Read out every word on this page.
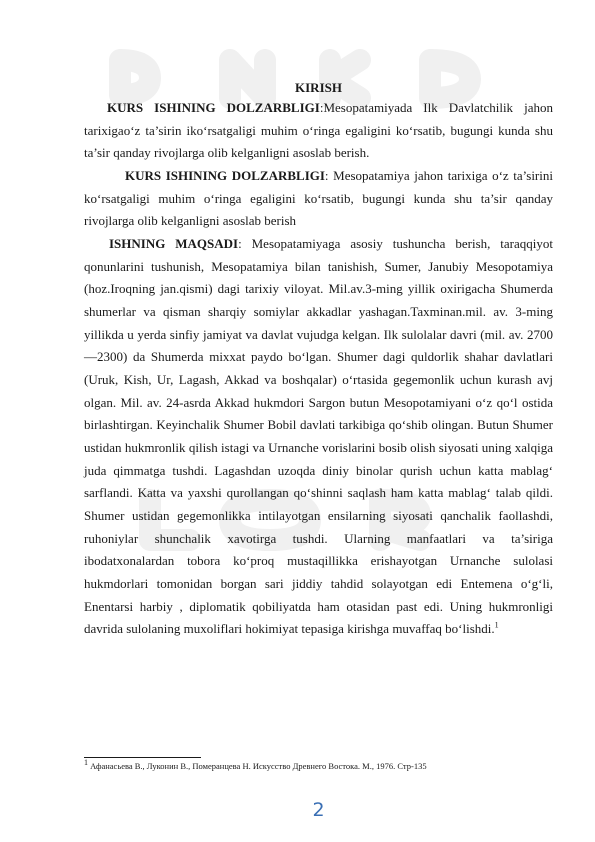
KIRISH

KURS ISHINING DOLZARBLIGI:Mesopatamiyada Ilk Davlatchilik jahon tarixigao‘z ta’sirin iko‘rsatgaligi muhim o‘ringa egaligini ko‘rsatib, bugungi kunda shu ta’sir qanday rivojlarga olib kelganligni asoslab berish.

KURS ISHINING DOLZARBLIGI: Mesopatamiya jahon tarixiga o‘z ta’sirini ko‘rsatgaligi muhim o‘ringa egaligini ko‘rsatib, bugungi kunda shu ta’sir qanday rivojlarga olib kelganligni asoslab berish

ISHNING MAQSADI: Mesopatamiyaga asosiy tushuncha berish, taraqqiyot qonunlarini tushunish, Mesopatamiya bilan tanishish, Sumer, Janubiy Mesopotamiya (hoz.Iroqning jan.qismi) dagi tarixiy viloyat. Mil.av.3-ming yillik oxirigacha Shumerda shumerlar va qisman sharqiy somiylar akkadlar yashagan.Taxminan.mil. av. 3-ming yillikda u yerda sinfiy jamiyat va davlat vujudga kelgan. Ilk sulolalar davri (mil. av. 2700—2300) da Shumerda mixxat paydo bo‘lgan. Shumer dagi quldorlik shahar davlatlari (Uruk, Kish, Ur, Lagash, Akkad va boshqalar) o‘rtasida gegemonlik uchun kurash avj olgan. Mil. av. 24-asrda Akkad hukmdori Sargon butun Mesopotamiyani o‘z qo‘l ostida birlashtirgan. Keyinchalik Shumer Bobil davlati tarkibiga qo‘shib olingan. Butun Shumer ustidan hukmronlik qilish istagi va Urnanche vorislarini bosib olish siyosati uning xalqiga juda qimmatga tushdi. Lagashdan uzoqda diniy binolar qurish uchun katta mablag‘ sarflandi. Katta va yaxshi qurollangan qo‘shinni saqlash ham katta mablag‘ talab qildi. Shumer ustidan gegemonlikka intilayotgan ensilarning siyosati qanchalik faollashdi, ruhoniylar shunchalik xavotirga tushdi. Ularning manfaatlari va ta’siriga ibodatxonalardan tobora ko‘proq mustaqillikka erishayotgan Urnanche sulolasi hukmdorlari tomonidan borgan sari jiddiy tahdid solayotgan edi Entemena o‘g‘li, Enentarsi harbiy , diplomatik qobiliyatda ham otasidan past edi. Uning hukmronligi davrida sulolaning muxoliflari hokimiyat tepasiga kirishga muvaffaq bo‘lishdi.$^1$

1 Афанасьева В., Луконин В., Померанцева Н. Искусство Древнего Востока. М., 1976. Стр-135
2
